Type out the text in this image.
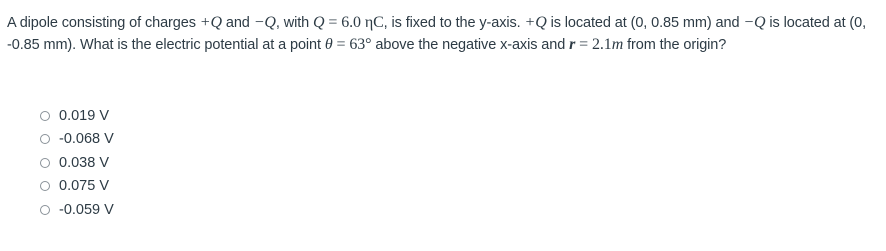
A dipole consisting of charges +Q and −Q, with Q = 6.0 ηC, is fixed to the y-axis. +Q is located at (0, 0.85 mm) and −Q is located at (0, -0.85 mm). What is the electric potential at a point θ = 63° above the negative x-axis and r = 2.1m from the origin?
0.019 V
-0.068 V
0.038 V
0.075 V
-0.059 V
